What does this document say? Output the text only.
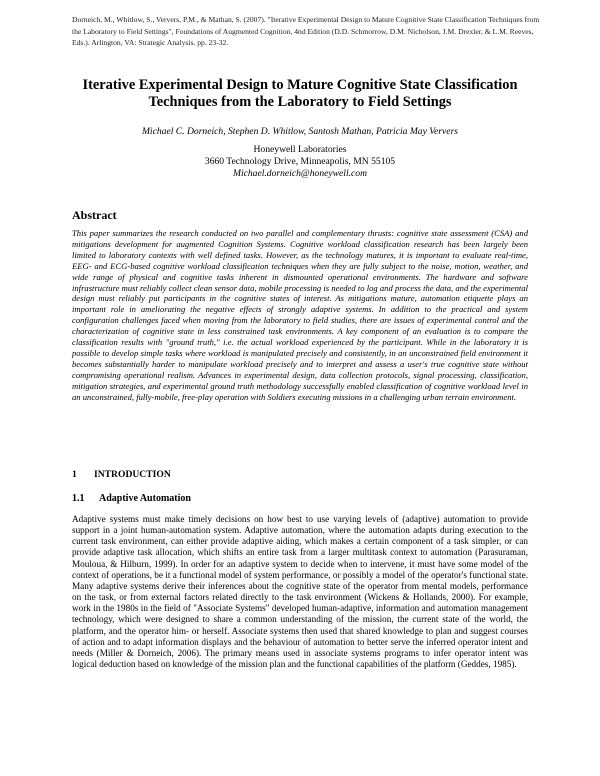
Dorneich, M., Whitlow, S., Ververs, P.M., & Mathan, S. (2007). "Iterative Experimental Design to Mature Cognitive State Classification Techniques from the Laboratory to Field Settings", Foundations of Augmented Cognition, 4nd Edition (D.D. Schmorrow, D.M. Nicholson, J.M. Drexler, & L.M. Reeves, Eds.). Arlington, VA: Strategic Analysis. pp. 23-32.
Iterative Experimental Design to Mature Cognitive State Classification Techniques from the Laboratory to Field Settings
Michael C. Dorneich, Stephen D. Whitlow, Santosh Mathan, Patricia May Ververs
Honeywell Laboratories
3660 Technology Drive, Minneapolis, MN 55105
Michael.dorneich@honeywell.com
Abstract
This paper summarizes the research conducted on two parallel and complementary thrusts: cognitive state assessment (CSA) and mitigations development for augmented Cognition Systems. Cognitive workload classification research has been largely been limited to laboratory contexts with well defined tasks. However, as the technology matures, it is important to evaluate real-time, EEG- and ECG-based cognitive workload classification techniques when they are fully subject to the noise, motion, weather, and wide range of physical and cognitive tasks inherent in dismounted operational environments. The hardware and software infrastructure must reliably collect clean sensor data, mobile processing is needed to log and process the data, and the experimental design must reliably put participants in the cognitive states of interest. As mitigations mature, automation etiquette plays an important role in ameliorating the negative effects of strongly adaptive systems. In addition to the practical and system configuration challenges faced when moving from the laboratory to field studies, there are issues of experimental control and the characterization of cognitive state in less constrained task environments. A key component of an evaluation is to compare the classification results with "ground truth," i.e. the actual workload experienced by the participant. While in the laboratory it is possible to develop simple tasks where workload is manipulated precisely and consistently, in an unconstrained field environment it becomes substantially harder to manipulate workload precisely and to interpret and assess a user's true cognitive state without compromising operational realism. Advances in experimental design, data collection protocols, signal processing, classification, mitigation strategies, and experimental ground truth methodology successfully enabled classification of cognitive workload level in an unconstrained, fully-mobile, free-play operation with Soldiers executing missions in a challenging urban terrain environment.
1 INTRODUCTION
1.1 Adaptive Automation
Adaptive systems must make timely decisions on how best to use varying levels of (adaptive) automation to provide support in a joint human-automation system. Adaptive automation, where the automation adapts during execution to the current task environment, can either provide adaptive aiding, which makes a certain component of a task simpler, or can provide adaptive task allocation, which shifts an entire task from a larger multitask context to automation (Parasuraman, Mouloua, & Hilburn, 1999). In order for an adaptive system to decide when to intervene, it must have some model of the context of operations, be it a functional model of system performance, or possibly a model of the operator's functional state. Many adaptive systems derive their inferences about the cognitive state of the operator from mental models, performance on the task, or from external factors related directly to the task environment (Wickens & Hollands, 2000). For example, work in the 1980s in the field of "Associate Systems" developed human-adaptive, information and automation management technology, which were designed to share a common understanding of the mission, the current state of the world, the platform, and the operator him- or herself. Associate systems then used that shared knowledge to plan and suggest courses of action and to adapt information displays and the behaviour of automation to better serve the inferred operator intent and needs (Miller & Dorneich, 2006). The primary means used in associate systems programs to infer operator intent was logical deduction based on knowledge of the mission plan and the functional capabilities of the platform (Geddes, 1985).
